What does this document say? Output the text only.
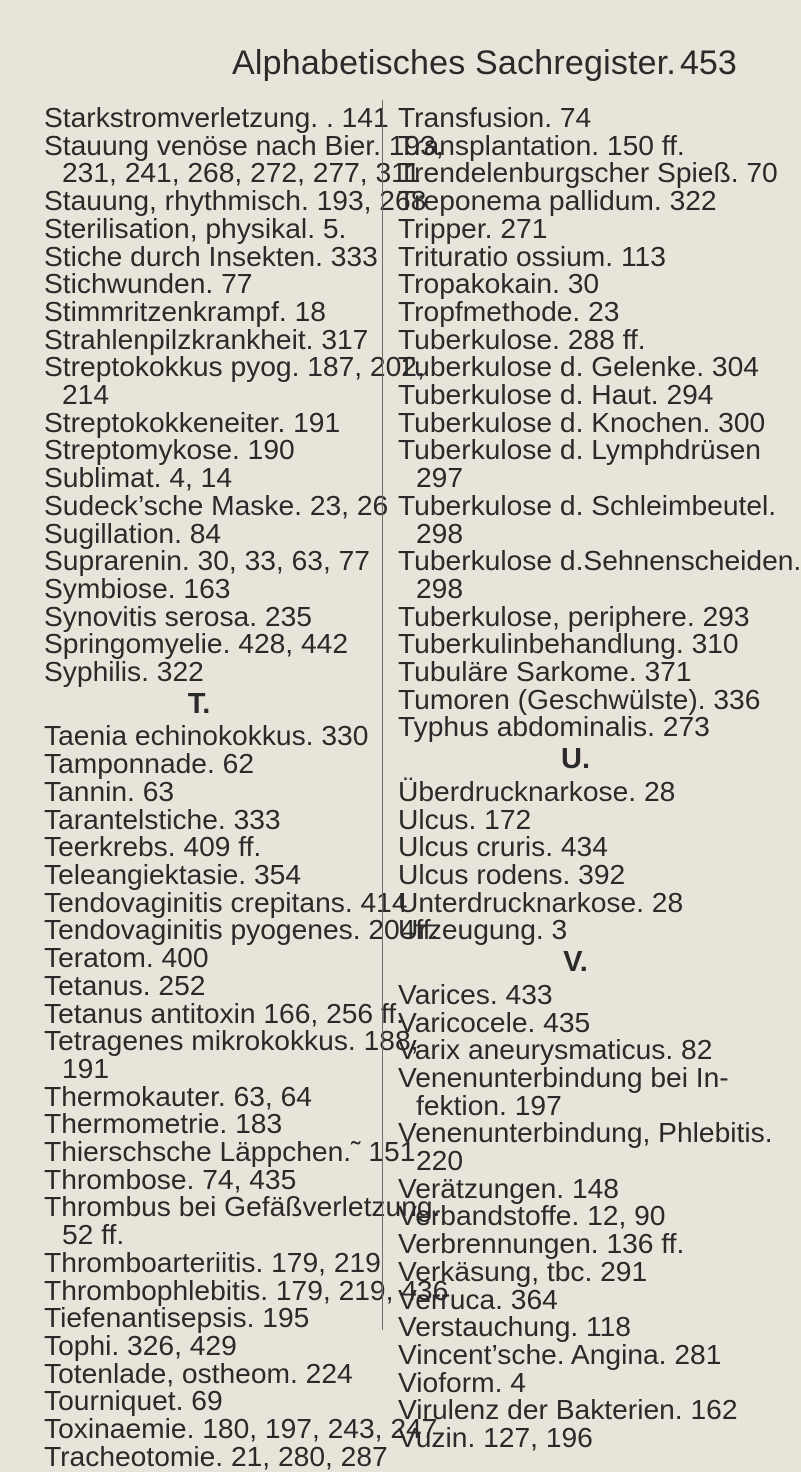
Alphabetisches Sachregister. 453
Starkstromverletzung. . 141
Stauung venöse nach Bier. 193,
231, 241, 268, 272, 277, 311
Stauung, rhythmisch. 193, 268
Sterilisation, physikal. 5.
Stiche durch Insekten. 333
Stichwunden. 77
Stimmritzenkrampf. 18
Strahlenpilzkrankheit. 317
Streptokokkus pyog. 187, 202,
214
Streptokokkeneiter. 191
Streptomykose. 190
Sublimat. 4, 14
Sudeck’sche Maske. 23, 26
Sugillation. 84
Suprarenin. 30, 33, 63, 77
Symbiose. 163
Synovitis serosa. 235
Springomyelie. 428, 442
Syphilis. 322
T.
Taenia echinokokkus. 330
Tamponnade. 62
Tannin. 63
Tarantelstiche. 333
Teerkrebs. 409 ff.
Teleangiektasie. 354
Tendovaginitis crepitans. 414
Tendovaginitis pyogenes. 204ff.
Teratom. 400
Tetanus. 252
Tetanus antitoxin 166, 256 ff.
Tetragenes mikrokokkus. 188,
191
Thermokauter. 63, 64
Thermometrie. 183
Thierschsche Läppchen.˜ 151
Thrombose. 74, 435
Thrombus bei Gefäßverletzung.
52 ff.
Thromboarteriitis. 179, 219
Thrombophlebitis. 179, 219, 436
Tiefenantisepsis. 195
Tophi. 326, 429
Totenlade, ostheom. 224
Tourniquet. 69
Toxinaemie. 180, 197, 243, 247
Tracheotomie. 21, 280, 287
Transfusion. 74
Transplantation. 150 ff.
Trendelenburgscher Spieß. 70
Treponema pallidum. 322
Tripper. 271
Trituratio ossium. 113
Tropakokain. 30
Tropfmethode. 23
Tuberkulose. 288 ff.
Tuberkulose d. Gelenke. 304
Tuberkulose d. Haut. 294
Tuberkulose d. Knochen. 300
Tuberkulose d. Lymphdrüsen
297
Tuberkulose d. Schleimbeutel.
298
Tuberkulose d.Sehnenscheiden.
298
Tuberkulose, periphere. 293
Tuberkulinbehandlung. 310
Tubuläre Sarkome. 371
Tumoren (Geschwülste). 336
Typhus abdominalis. 273
U.
Überdrucknarkose. 28
Ulcus. 172
Ulcus cruris. 434
Ulcus rodens. 392
Unterdrucknarkose. 28
Urzeugung. 3
V.
Varices. 433
Varicocele. 435
Varix aneurysmaticus. 82
Venenunterbindung bei In-
fektion. 197
Venenunterbindung, Phlebitis.
220
Verätzungen. 148
Verbandstoffe. 12, 90
Verbrennungen. 136 ff.
Verkäsung, tbc. 291
Verruca. 364
Verstauchung. 118
Vincent’sche. Angina. 281
Vioform. 4
Virulenz der Bakterien. 162
Vuzin. 127, 196
